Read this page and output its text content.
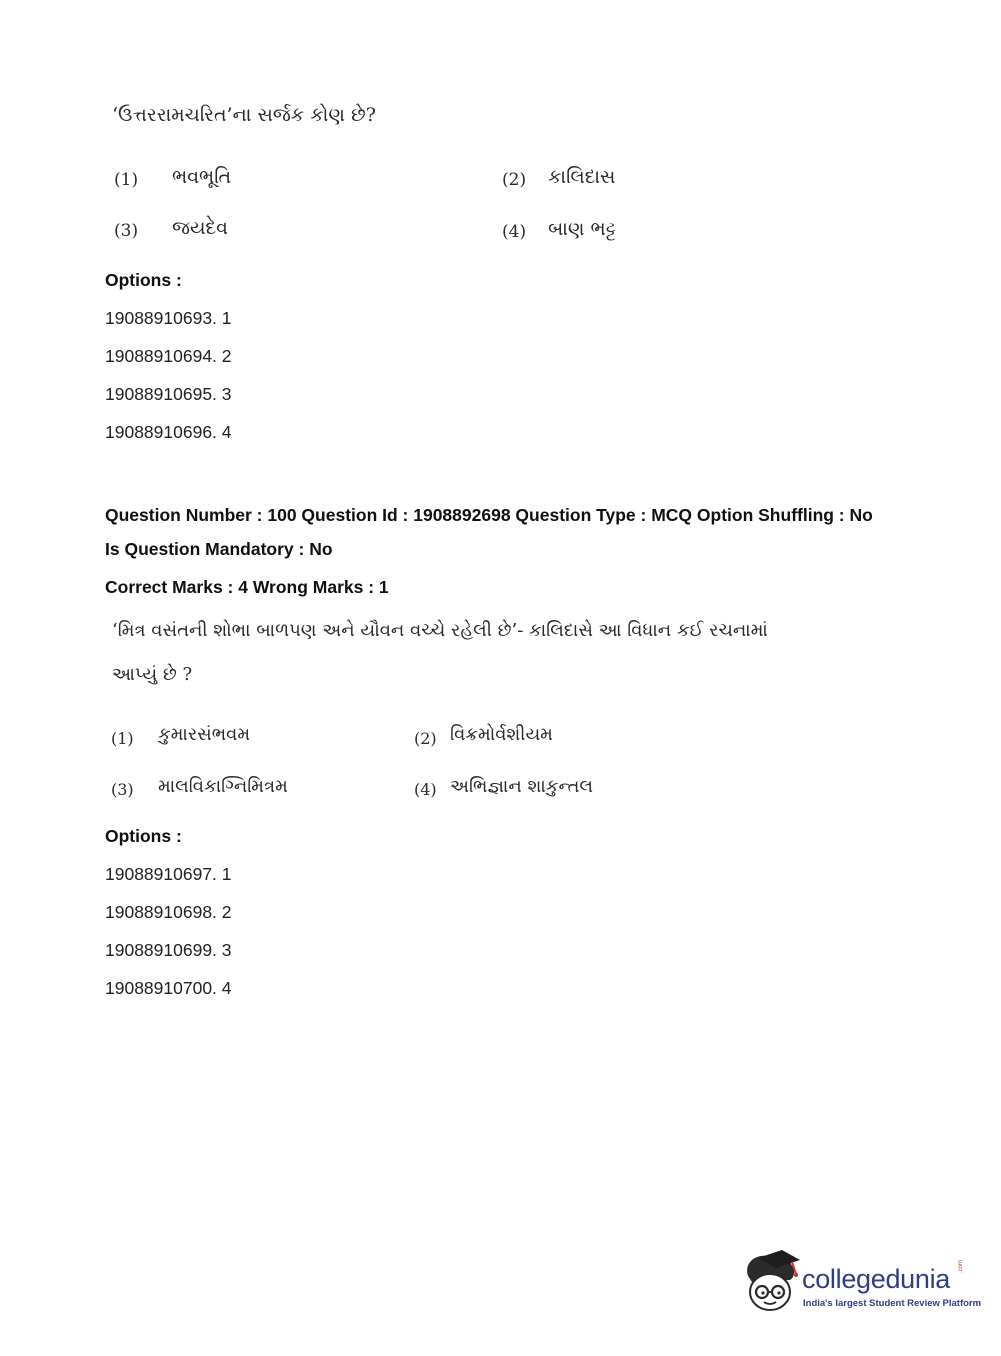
‘ઉત્તરરામચરિત’ના સર્જક કોણ છે?
(1) ભવભૂતિ	(2) કાલિદાસ
(3) જયદેવ	(4) બાણ ભટ્ટ
Options :
19088910693. 1
19088910694. 2
19088910695. 3
19088910696. 4
Question Number : 100 Question Id : 1908892698 Question Type : MCQ Option Shuffling : No
Is Question Mandatory : No
Correct Marks : 4 Wrong Marks : 1
‘મિત્ર વસંતની શોભા બાળપણ અને યૌવન વચ્ચે રહેલી છે’- કાલિદાસે આ વિધાન કઈ રચનામાં
આપ્યું છે ?
(1) કુમારસંભવમ	(2) વિક્રમોર્વશીયમ
(3) માલવિકાગ્નિમિત્રમ	(4) અભિજ્ઞાન શાકુન્તલ
Options :
19088910697. 1
19088910698. 2
19088910699. 3
19088910700. 4
collegedunia .com
India's largest Student Review Platform
